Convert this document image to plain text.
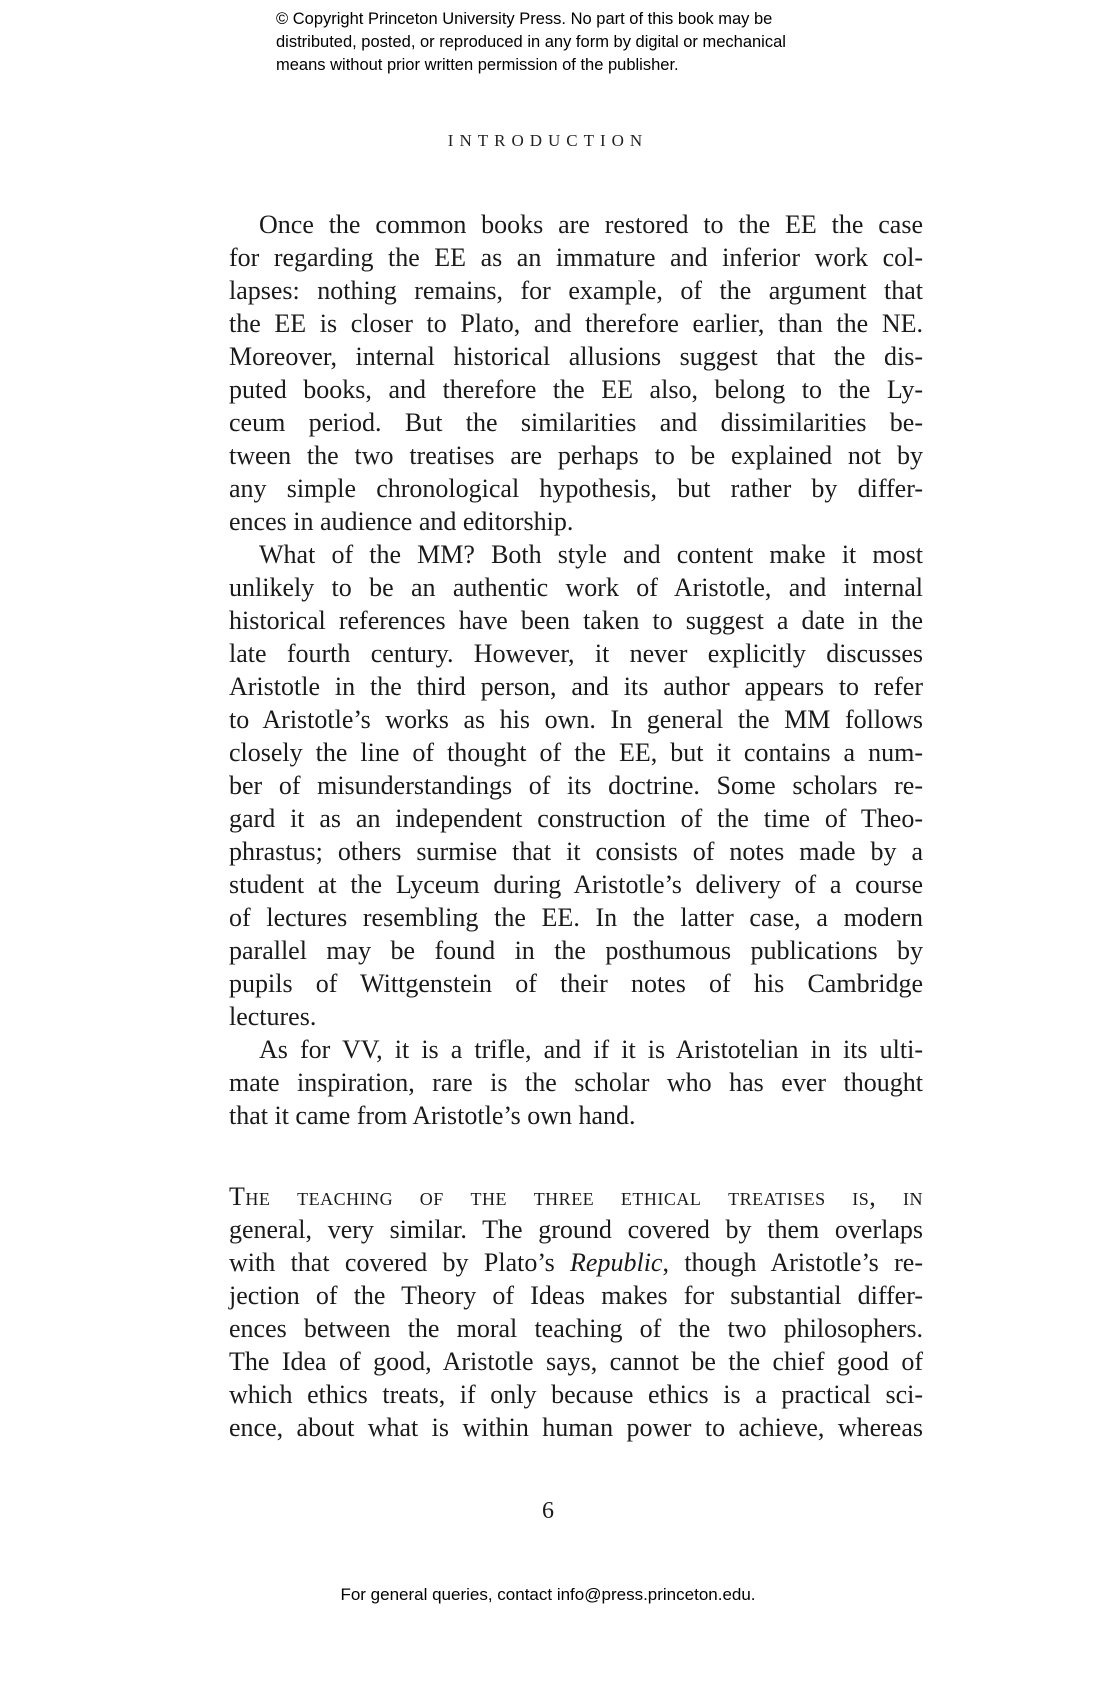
© Copyright Princeton University Press. No part of this book may be
distributed, posted, or reproduced in any form by digital or mechanical
means without prior written permission of the publisher.
INTRODUCTION
Once the common books are restored to the EE the case
for regarding the EE as an immature and inferior work col-
lapses: nothing remains, for example, of the argument that
the EE is closer to Plato, and therefore earlier, than the NE.
Moreover, internal historical allusions suggest that the dis-
puted books, and therefore the EE also, belong to the Ly-
ceum period. But the similarities and dissimilarities be-
tween the two treatises are perhaps to be explained not by
any simple chronological hypothesis, but rather by differ-
ences in audience and editorship.
What of the MM? Both style and content make it most
unlikely to be an authentic work of Aristotle, and internal
historical references have been taken to suggest a date in the
late fourth century. However, it never explicitly discusses
Aristotle in the third person, and its author appears to refer
to Aristotle’s works as his own. In general the MM follows
closely the line of thought of the EE, but it contains a num-
ber of misunderstandings of its doctrine. Some scholars re-
gard it as an independent construction of the time of Theo-
phrastus; others surmise that it consists of notes made by a
student at the Lyceum during Aristotle’s delivery of a course
of lectures resembling the EE. In the latter case, a modern
parallel may be found in the posthumous publications by
pupils of Wittgenstein of their notes of his Cambridge
lectures.
As for VV, it is a trifle, and if it is Aristotelian in its ulti-
mate inspiration, rare is the scholar who has ever thought
that it came from Aristotle’s own hand.
The teaching of the three ethical treatises is, in
general, very similar. The ground covered by them overlaps
with that covered by Plato’s Republic, though Aristotle’s re-
jection of the Theory of Ideas makes for substantial differ-
ences between the moral teaching of the two philosophers.
The Idea of good, Aristotle says, cannot be the chief good of
which ethics treats, if only because ethics is a practical sci-
ence, about what is within human power to achieve, whereas
6
For general queries, contact info@press.princeton.edu.
